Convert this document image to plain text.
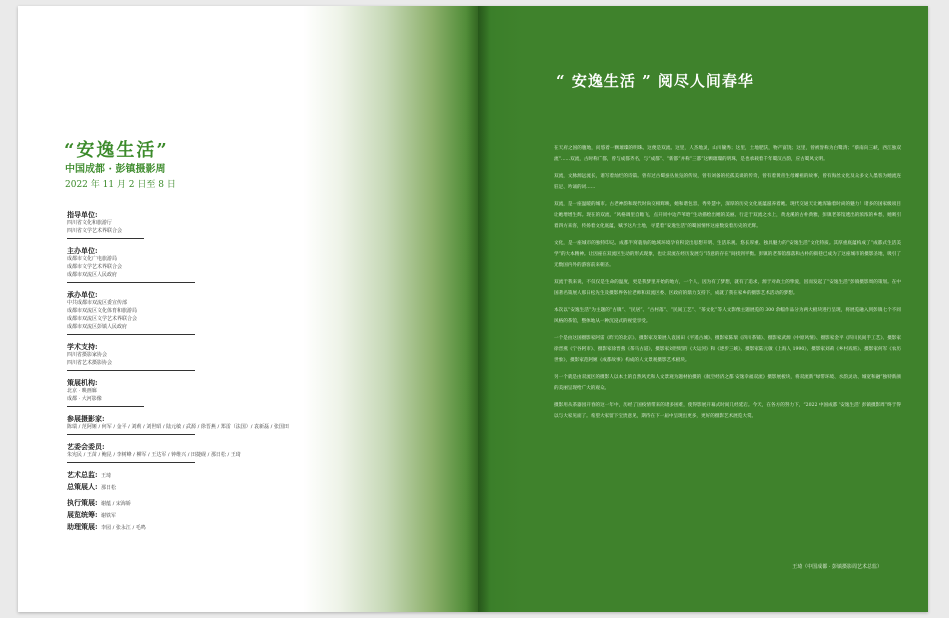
“安逸生活”
中国成都 · 彭镇摄影周
2022 年 11 月 2 日至 8 日
指导单位:
四川省文化和旅游厅
四川省文学艺术界联合会
主办单位:
成都市文化广电旅游局
成都市文学艺术界联合会
成都市双流区人民政府
承办单位:
中共成都市双流区委宣传部
成都市双流区文化体育和旅游局
成都市双流区文学艺术界联合会
成都市双流区彭镇人民政府
学术支持:
四川省摄影家协会
四川省艺术摄影协会
策展机构:
北京 · 映画廊
成都 · 大河影像
参展摄影家:
陈瑞 / 范阿姬 / 何军 / 金平 / 刘莉 / 刘世昭 / 陆元敏 / 武源 / 徐晋燕 / 郑雷（法国）/ 袁新磊 / 张国田
艺委会委员:
朱宪民 / 王苗 / 鲍昆 / 李树峰 / 柳军 / 王达军 / 钟维兴 / 田捷砚 / 那日松 / 王琦
艺术总监: 王琦
总策展人: 那日松
执行策展: 谢蕴 / 宋海娇
展览统筹: 谢铁军
助理策展: 李园 / 张永江 / 毛鸣
“ 安逸生活 ” 阅尽人间春华

在天府之国的腹地，问悠着一颗璀璨的明珠。这便是双流。这里，人杰地灵，山川毓秀；这里，土地肥沃，物产富饶；这里，曾被誉称为白鹭湾；“蔡南向三峡，西江独双流”……双流，古时称广都，曾与成都齐名，与“成都”、“新都”并称“三都”这颗璀璨的明珠，是也承载着千年蜀汉古韵，应古蜀风文明。

双流，文脉源远流长，谱写着灿烂的诗篇。曾有过古蜀蚕丛鱼凫的传说，曾有刘备的托孤美谈的传奇，曾有着黄帝生母嫘祖的故事，曾有海丝文化及众多文人墨客为她流连驻足、吟诵的词……

双流，是一座温暖的城市。古老神韵和现代时尚交相辉映，她和谐包容，秀外慧中，深厚的历史文化底蕴滋养着她。现代交通天让她浑输着时尚的魅力！诸多的国家级项目让她增增生辉。现在的双流，“风格调里自瞻飞，点开同中边芦苇晗”生动描绘出她的美丽。行走于双流之水上，黄龙溪的古朴典雅，彭镇老茶馆透出的浓浓的乡愁，她吸引着四方来客，传扬着文化底蕴，赋予这片土地，寻觅着“安逸生活”的蜀国情怀这座数发着历史的光辉。

文化，是一座城市的独特印记。成都半窝蓑翁的地域环境孕育积淀出思想开明、生活乐观、悠长厚重、独具魅力的“安逸生活”文化特质。其厚重底蕴构成了“成都式生活美学”的大本精神。让因座在双流区生动的形式现象，也让双流在经历发展与“诗意的存在”间找到平衡。彭镇的老茶馆群落和古朴的街巷已成为了这座城市的摄影圣地，吸引了无数国内外的游客前来朝圣。

双流于我来说，不仅仅是生命的温度，更是我梦里开始的地方，一个人，因为有了梦想，就有了追求，源于对故土的挚爱，因而发起了“安逸生活”彭镇摄影周的策划。在中国著名策展人那日松先生及摄影界各位老师和双流区委、区政府的鼎力支持下，成就了我在家乡的摄影艺术活动的梦想。

本次以“安逸生活”为主题的“古镇”、“民居”、“古村落”、“民间工艺”、“茶文化”等人文影像主题展览的 300 余幅作品分为两大板块进行呈现，将展览融入到彭镇七个不同风格的茶馆，整体地从一种沉浸式的视觉享受。

一个是由这国摄影家阿雷《昨天的北京》、摄影家及策展人袁国田《平遥古城》、摄影家陈瑞《四川茶铺》、摄影家武源《中原风情》、摄影家金平《四川民间手工艺》、摄影家徐晋燕《宁谷阿市》、摄影家徐晋燕《茶马古道》，摄影家刘世昭的《大运河》和《逐步三峡》、摄影家陆元敏《上海人 1990》、摄影家刘莉《乡村戏班》、摄影家何军《农历世象》，摄影家范阿姬《成都故事》构成的人文景观摄影艺术板块。

另一个就是由双流区的摄影人以本土的自然风光和人文景观为题材拍摄的《航空经济之都 安逸幸福双流》摄影展板块，将双流新“绿带环境、水韵灵动、城宽和融”独特新颜的美丽呈现给广大的观众。

摄影用从茶器园开春的这一年中，历经了国疫情带来的诸多困难，使得影展开幕式时间几经延宕。今天，在各方的努力下，“2022 中国成都 ‘安逸生活’ 彭镇摄影周”终于得以与大家见面了。希望大家留下宝贵意见，期待在下一届中呈现出更多，更好的摄影艺术展览大赏。

王琦（中国成都 · 彭镇摄影周艺术总监）
